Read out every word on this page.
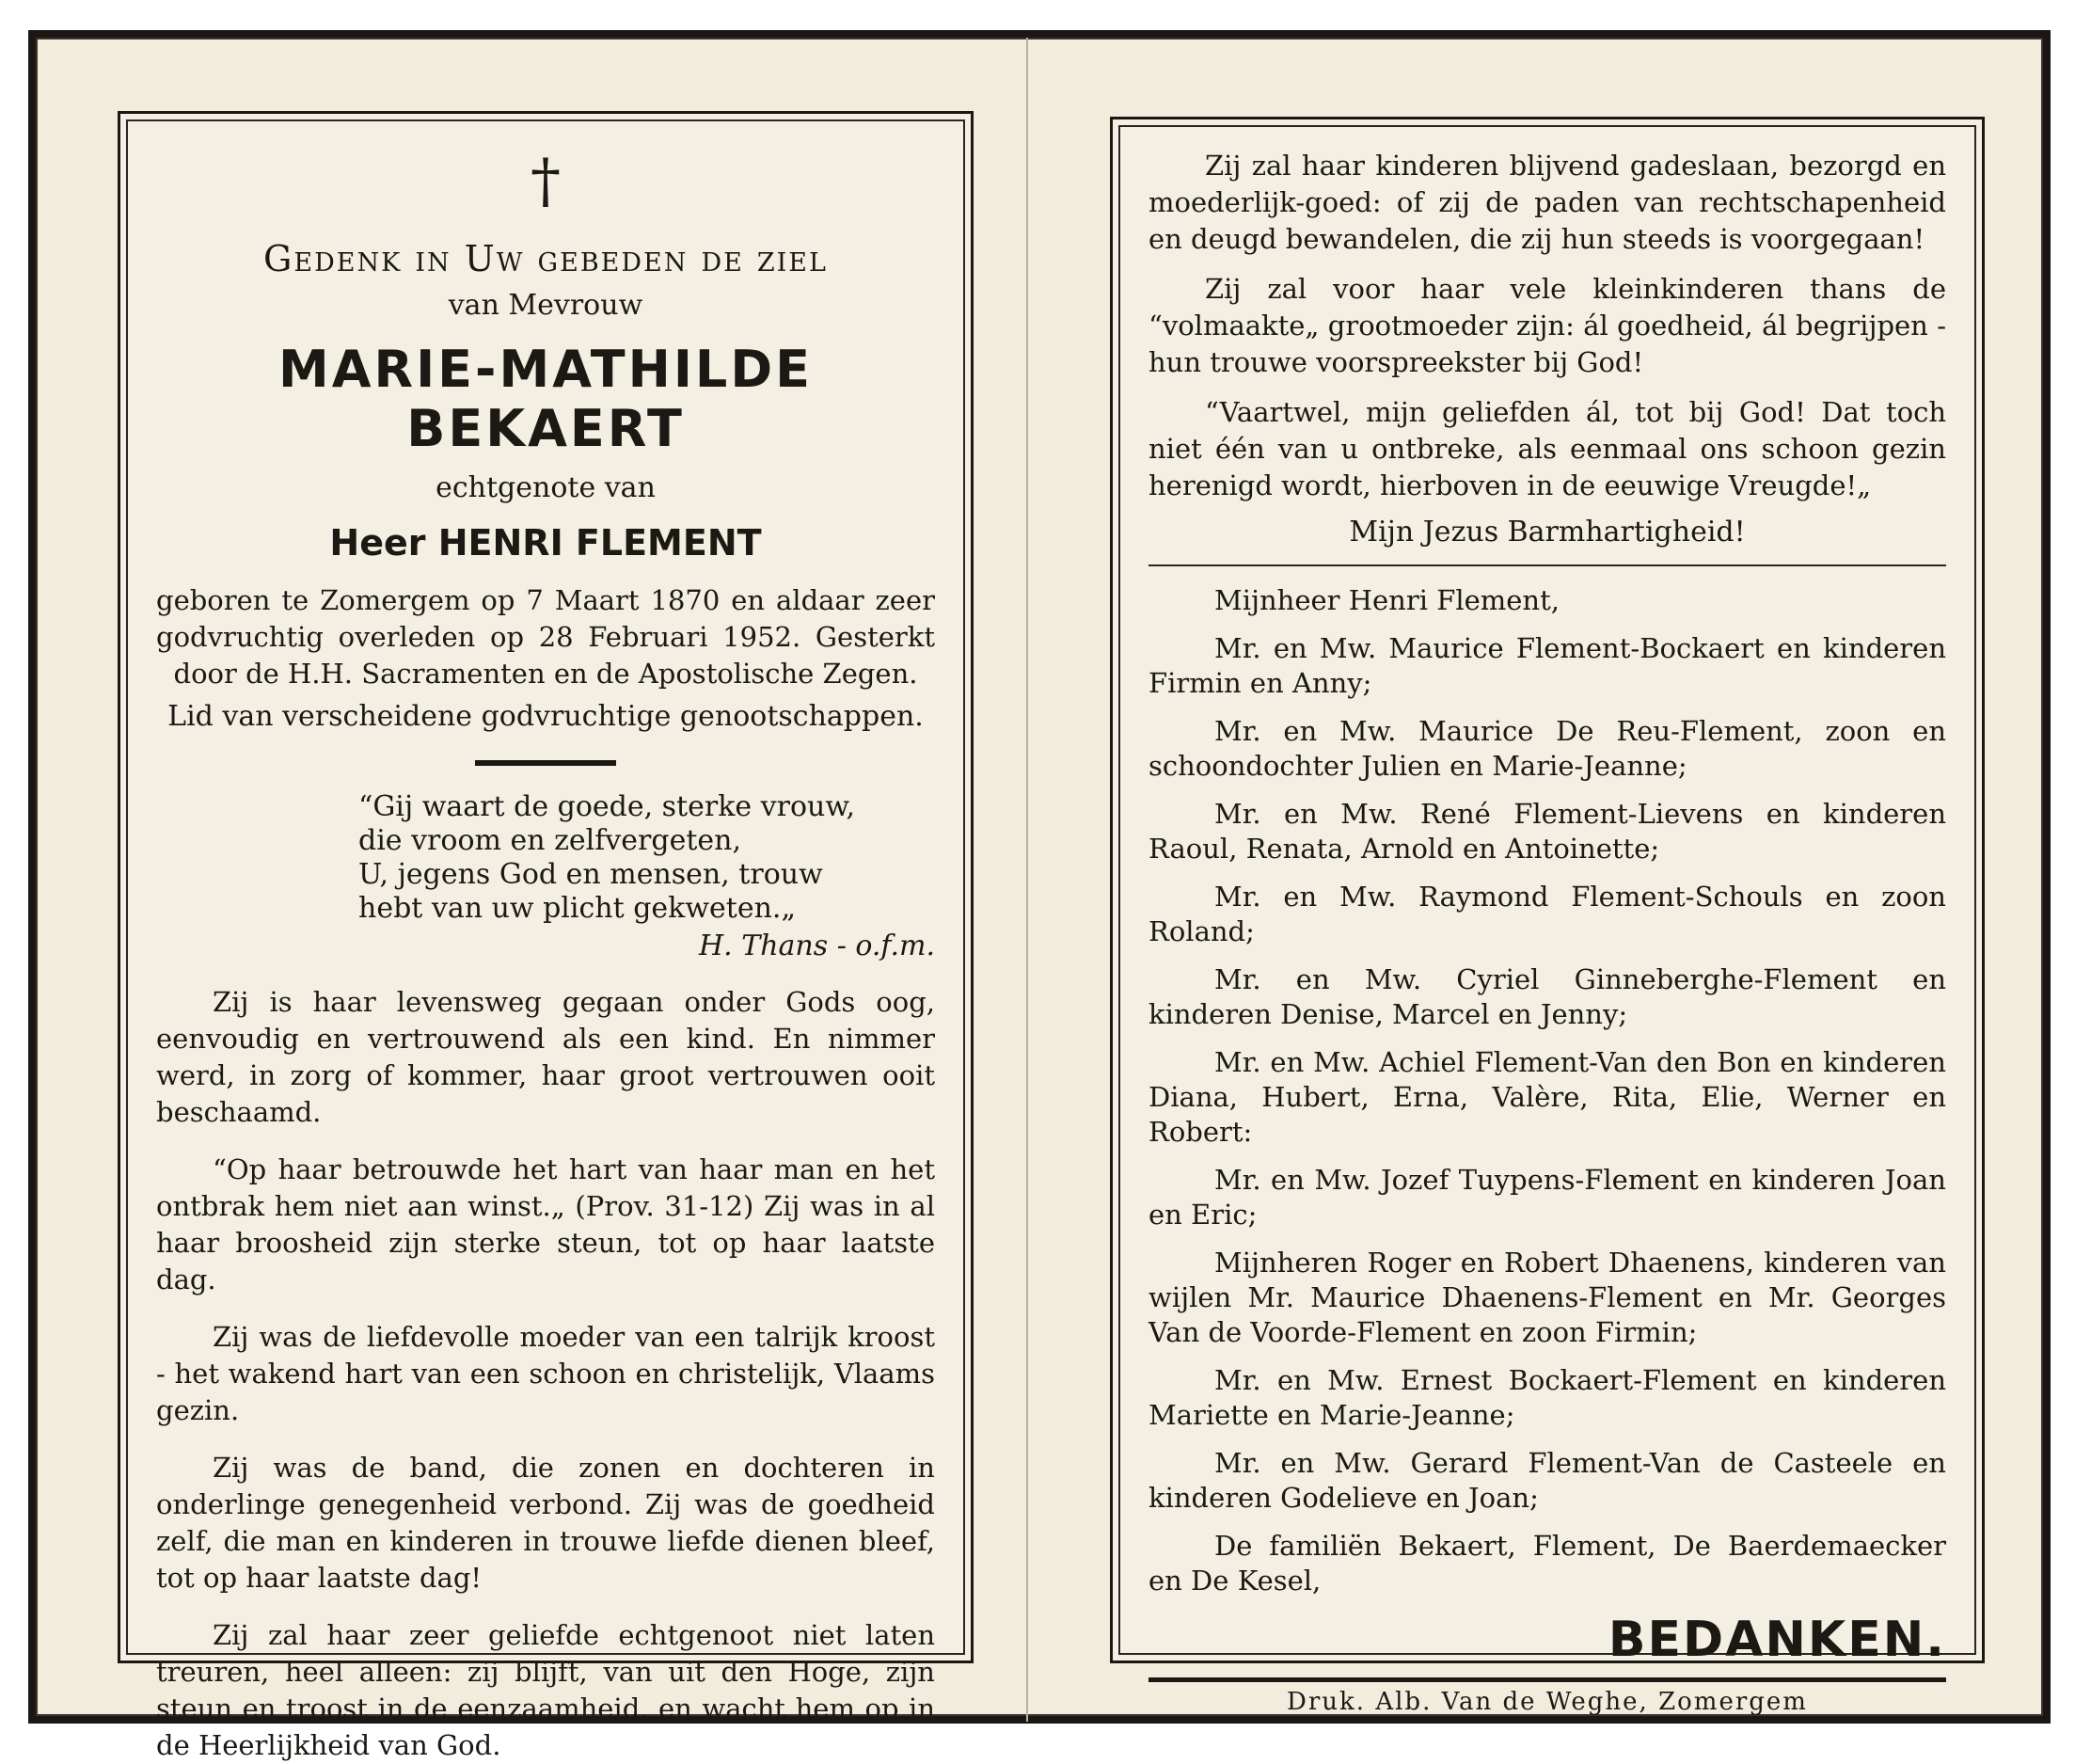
†
Gedenk in Uw gebeden de ziel
van Mevrouw
MARIE-MATHILDE BEKAERT
echtgenote van
Heer HENRI FLEMENT
geboren te Zomergem op 7 Maart 1870 en aldaar zeer godvruchtig overleden op 28 Februari 1952. Gesterkt door de H.H. Sacramenten en de Apostolische Zegen.
Lid van verscheidene godvruchtige genootschappen.
“Gij waart de goede, sterke vrouw,
die vroom en zelfvergeten,
U, jegens God en mensen, trouw
hebt van uw plicht gekweten.„
H. Thans - o.f.m.
Zij is haar levensweg gegaan onder Gods oog, eenvoudig en vertrouwend als een kind. En nimmer werd, in zorg of kommer, haar groot vertrouwen ooit beschaamd.
“Op haar betrouwde het hart van haar man en het ontbrak hem niet aan winst.„ (Prov. 31-12) Zij was in al haar broosheid zijn sterke steun, tot op haar laatste dag.
Zij was de liefdevolle moeder van een talrijk kroost - het wakend hart van een schoon en christelijk, Vlaams gezin.
Zij was de band, die zonen en dochteren in onderlinge genegenheid verbond. Zij was de goedheid zelf, die man en kinderen in trouwe liefde dienen bleef, tot op haar laatste dag!
Zij zal haar zeer geliefde echtgenoot niet laten treuren, heel alleen: zij blijft, van uit den Hoge, zijn steun en troost in de eenzaamheid, en wacht hem op in de Heerlijkheid van God.
Zij zal haar kinderen blijvend gadeslaan, bezorgd en moederlijk-goed: of zij de paden van rechtschapenheid en deugd bewandelen, die zij hun steeds is voorgegaan!
Zij zal voor haar vele kleinkinderen thans de “volmaakte„ grootmoeder zijn: ál goedheid, ál begrijpen - hun trouwe voorspreekster bij God!
“Vaartwel, mijn geliefden ál, tot bij God! Dat toch niet één van u ontbreke, als eenmaal ons schoon gezin herenigd wordt, hierboven in de eeuwige Vreugde!„
Mijn Jezus Barmhartigheid!
Mijnheer Henri Flement,
Mr. en Mw. Maurice Flement-Bockaert en kinderen Firmin en Anny;
Mr. en Mw. Maurice De Reu-Flement, zoon en schoondochter Julien en Marie-Jeanne;
Mr. en Mw. René Flement-Lievens en kinderen Raoul, Renata, Arnold en Antoinette;
Mr. en Mw. Raymond Flement-Schouls en zoon Roland;
Mr. en Mw. Cyriel Ginneberghe-Flement en kinderen Denise, Marcel en Jenny;
Mr. en Mw. Achiel Flement-Van den Bon en kinderen Diana, Hubert, Erna, Valère, Rita, Elie, Werner en Robert:
Mr. en Mw. Jozef Tuypens-Flement en kinderen Joan en Eric;
Mijnheren Roger en Robert Dhaenens, kinderen van wijlen Mr. Maurice Dhaenens-Flement en Mr. Georges Van de Voorde-Flement en zoon Firmin;
Mr. en Mw. Ernest Bockaert-Flement en kinderen Mariette en Marie-Jeanne;
Mr. en Mw. Gerard Flement-Van de Casteele en kinderen Godelieve en Joan;
De familiën Bekaert, Flement, De Baerdemaecker en De Kesel,
BEDANKEN.
Druk. Alb. Van de Weghe, Zomergem
